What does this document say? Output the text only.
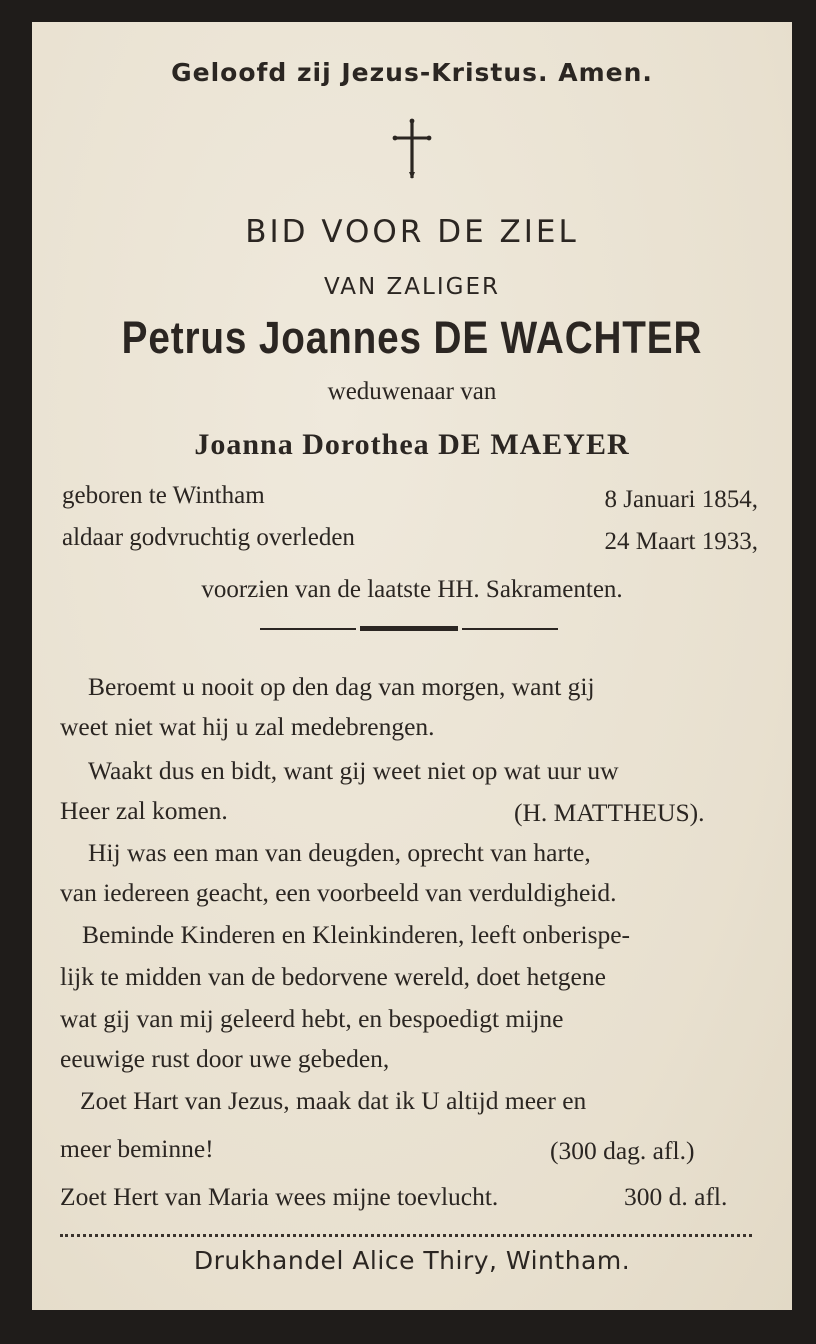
Geloofd zij Jezus-Kristus. Amen.
BID VOOR DE ZIEL
VAN ZALIGER
Petrus Joannes DE WACHTER
weduwenaar van
Joanna Dorothea DE MAEYER
geboren te Wintham	8 Januari 1854,
aldaar godvruchtig overleden	24 Maart 1933,
voorzien van de laatste HH. Sakramenten.
Beroemt u nooit op den dag van morgen, want gij
weet niet wat hij u zal medebrengen.
Waakt dus en bidt, want gij weet niet op wat uur uw
Heer zal komen.	(H. MATTHEUS).
Hij was een man van deugden, oprecht van harte,
van iedereen geacht, een voorbeeld van verduldigheid.
Beminde Kinderen en Kleinkinderen, leeft onberispe-
lijk te midden van de bedorvene wereld, doet hetgene
wat gij van mij geleerd hebt, en bespoedigt mijne
eeuwige rust door uwe gebeden,
Zoet Hart van Jezus, maak dat ik U altijd meer en
meer beminne!	(300 dag. afl.)
Zoet Hert van Maria wees mijne toevlucht.	300 d. afl.
Drukhandel Alice Thiry, Wintham.
